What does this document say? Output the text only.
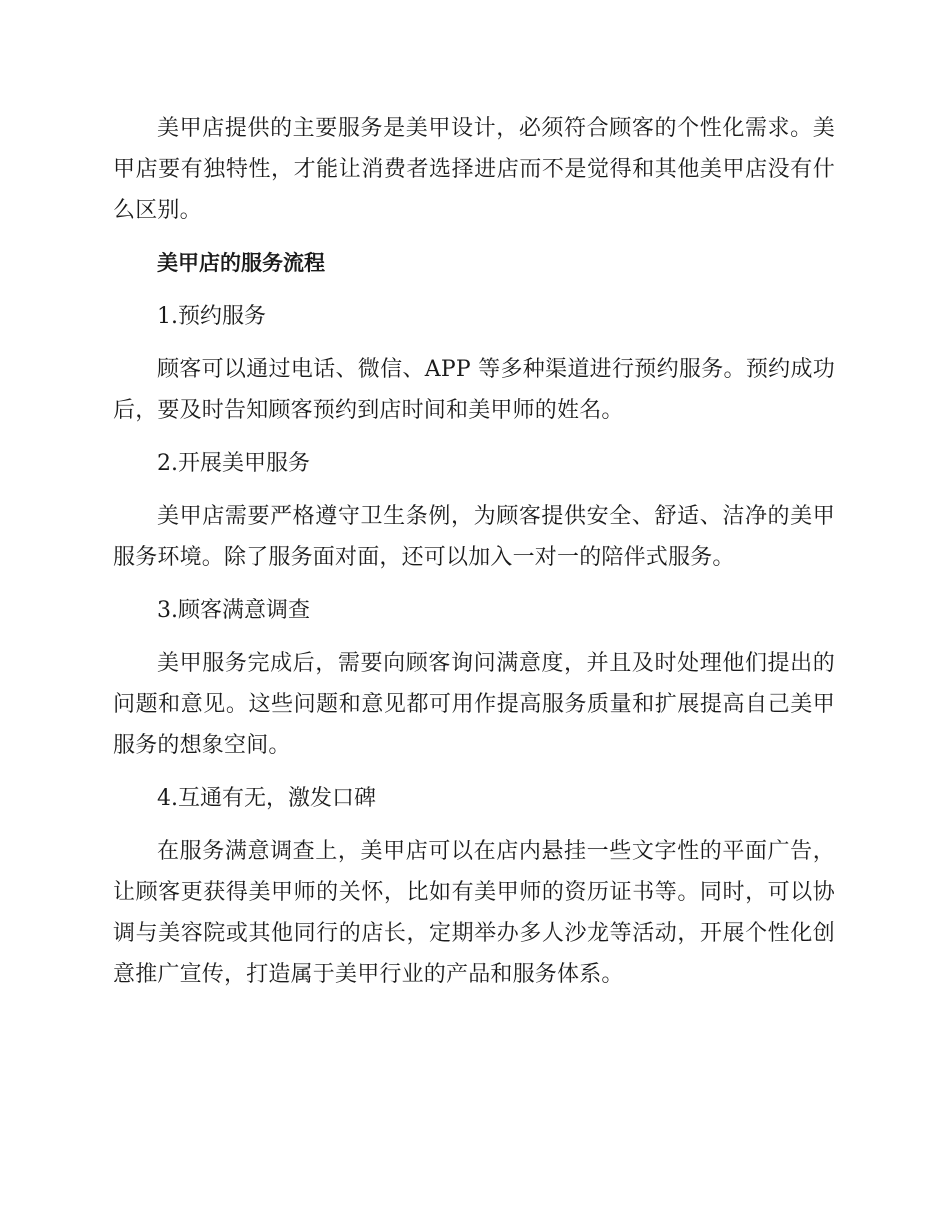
美甲店提供的主要服务是美甲设计，必须符合顾客的个性化需求。美甲店要有独特性，才能让消费者选择进店而不是觉得和其他美甲店没有什么区别。

美甲店的服务流程

1.预约服务

顾客可以通过电话、微信、APP 等多种渠道进行预约服务。预约成功后，要及时告知顾客预约到店时间和美甲师的姓名。

2.开展美甲服务

美甲店需要严格遵守卫生条例，为顾客提供安全、舒适、洁净的美甲服务环境。除了服务面对面，还可以加入一对一的陪伴式服务。

3.顾客满意调查

美甲服务完成后，需要向顾客询问满意度，并且及时处理他们提出的问题和意见。这些问题和意见都可用作提高服务质量和扩展提高自己美甲服务的想象空间。

4.互通有无，激发口碑

在服务满意调查上，美甲店可以在店内悬挂一些文字性的平面广告，让顾客更获得美甲师的关怀，比如有美甲师的资历证书等。同时，可以协调与美容院或其他同行的店长，定期举办多人沙龙等活动，开展个性化创意推广宣传，打造属于美甲行业的产品和服务体系。
